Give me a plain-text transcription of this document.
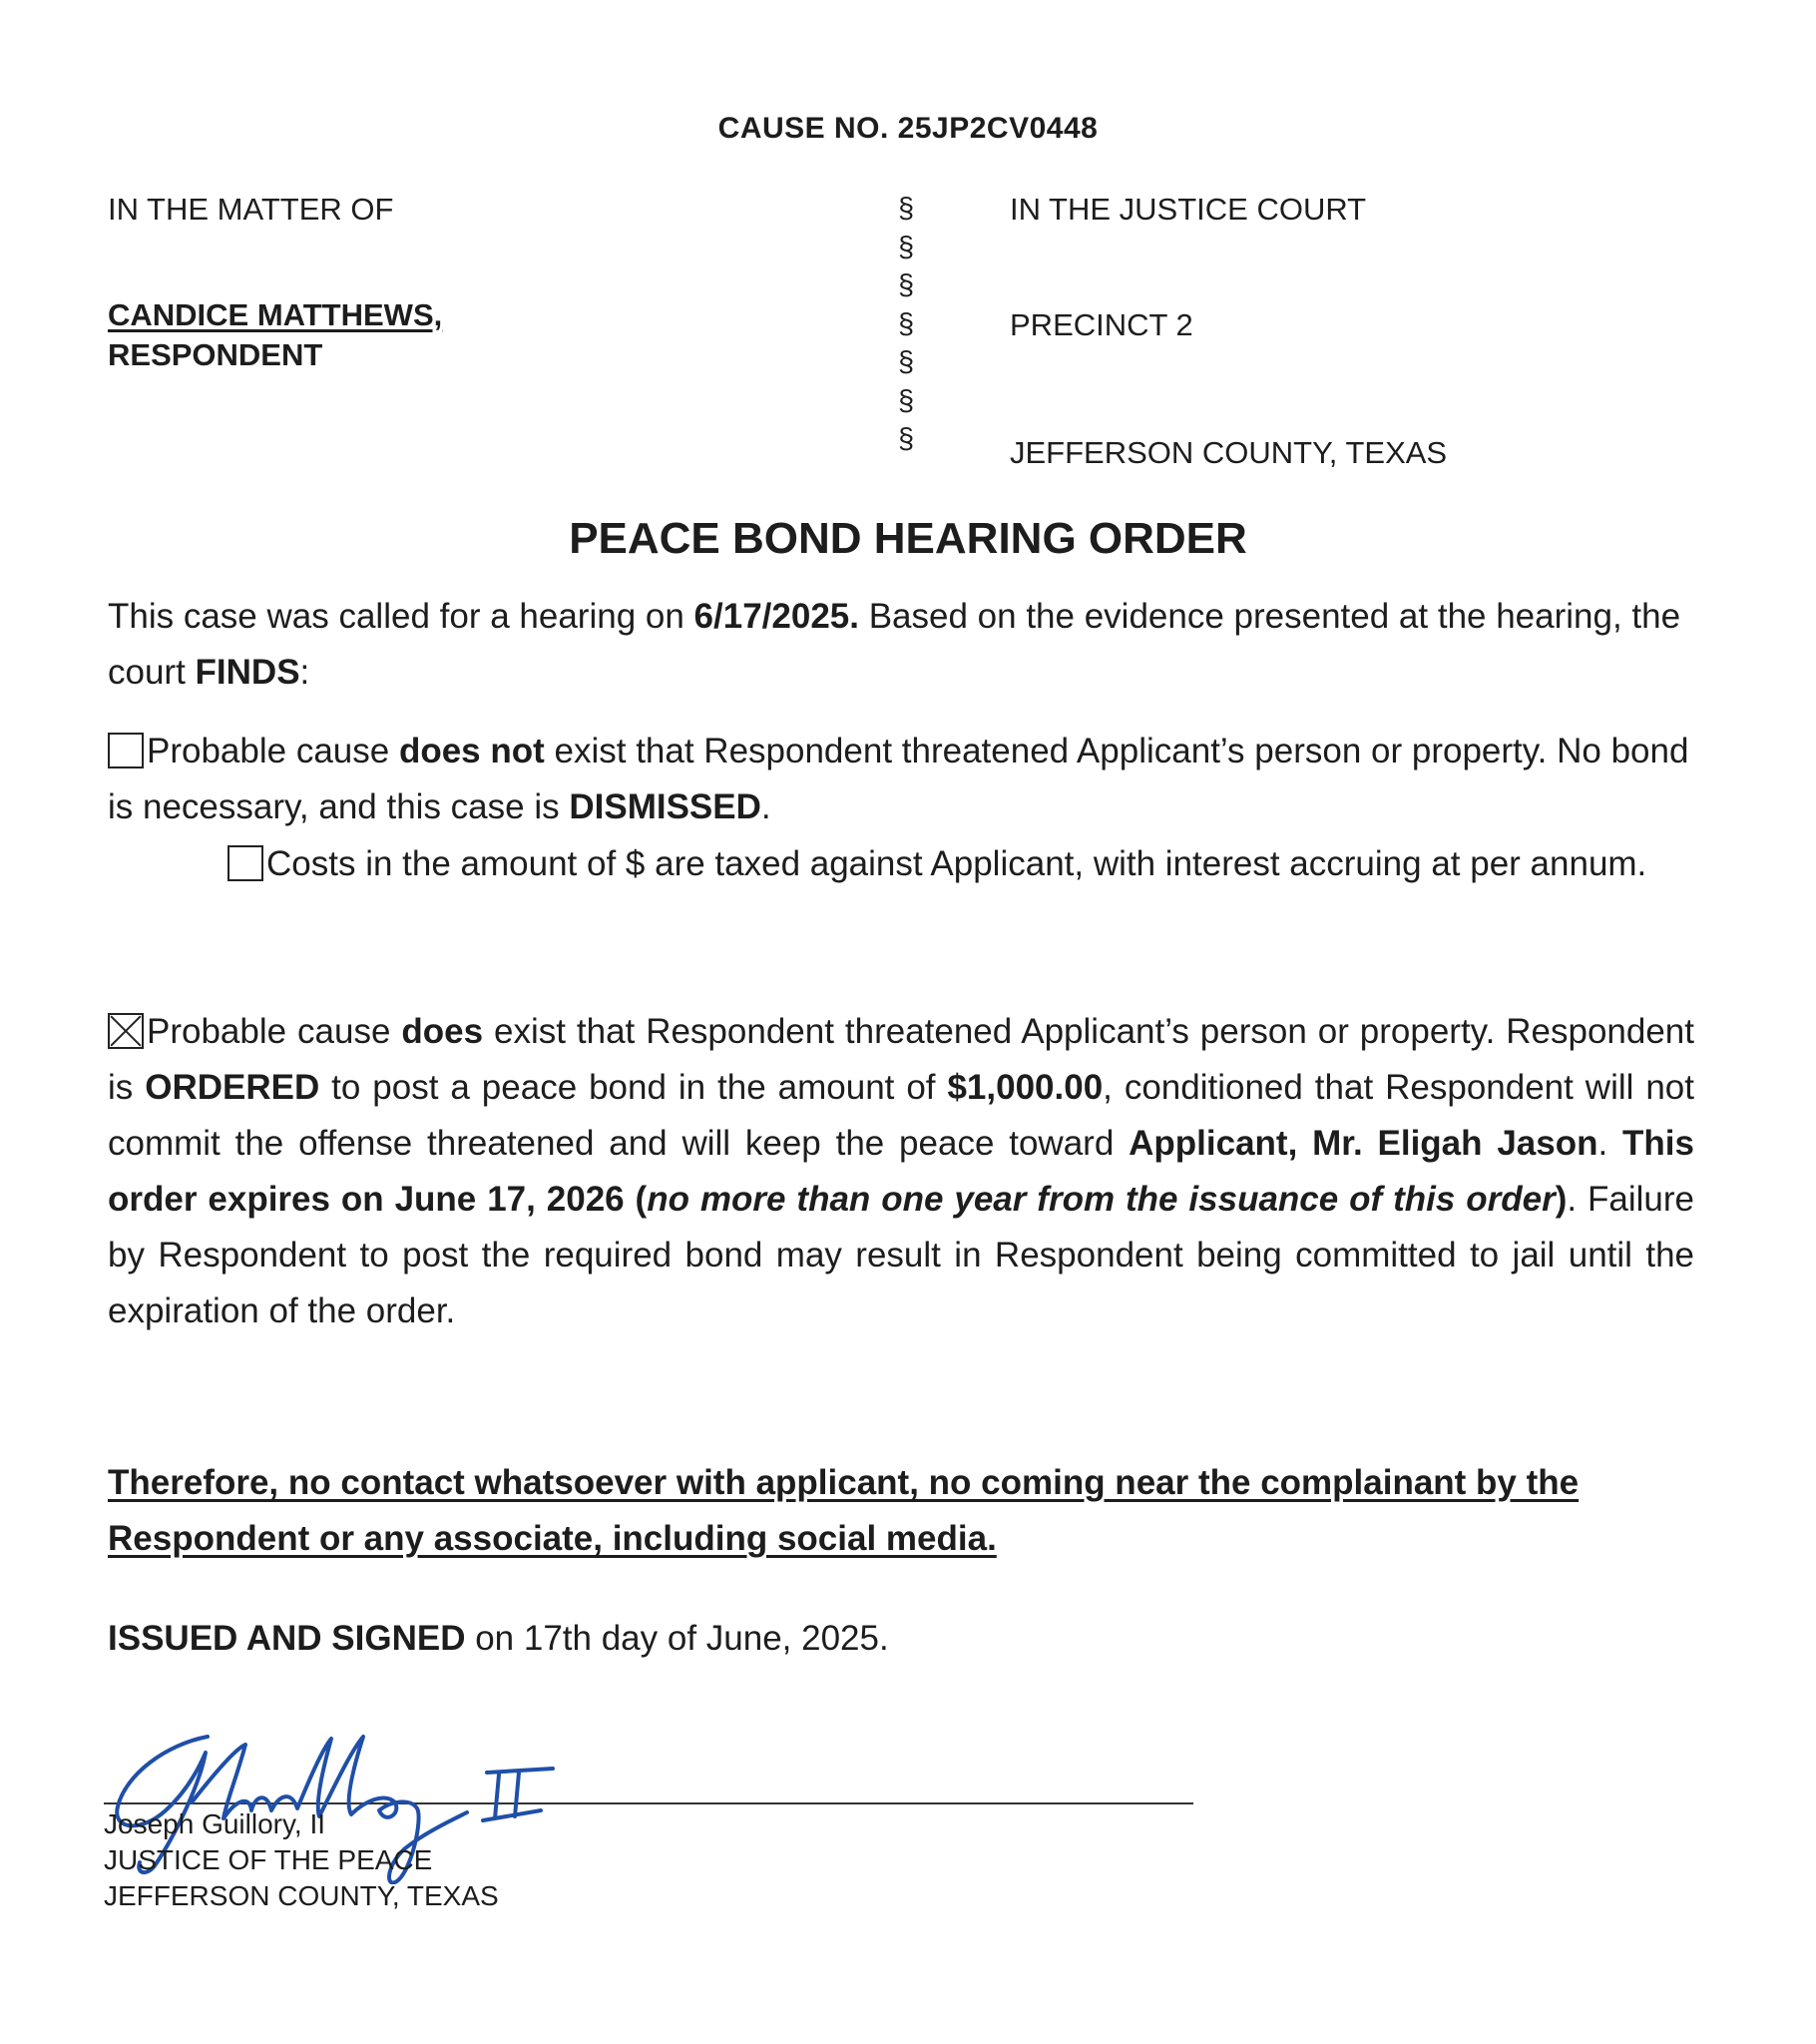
CAUSE NO. 25JP2CV0448
IN THE MATTER OF
CANDICE MATTHEWS,
RESPONDENT
§
§
§
§
§
§
§
IN THE JUSTICE COURT
PRECINCT 2
JEFFERSON COUNTY, TEXAS
PEACE BOND HEARING ORDER
This case was called for a hearing on 6/17/2025. Based on the evidence presented at the hearing, the court FINDS:
Probable cause does not exist that Respondent threatened Applicant’s person or property. No bond is necessary, and this case is DISMISSED.
Costs in the amount of $ are taxed against Applicant, with interest accruing at per annum.
Probable cause does exist that Respondent threatened Applicant’s person or property. Respondent is ORDERED to post a peace bond in the amount of $1,000.00, conditioned that Respondent will not commit the offense threatened and will keep the peace toward Applicant, Mr. Eligah Jason. This order expires on June 17, 2026 (no more than one year from the issuance of this order). Failure by Respondent to post the required bond may result in Respondent being committed to jail until the expiration of the order.
Therefore, no contact whatsoever with applicant, no coming near the complainant by the Respondent or any associate, including social media.
ISSUED AND SIGNED on 17th day of June, 2025.
Joseph Guillory, II
JUSTICE OF THE PEACE
JEFFERSON COUNTY, TEXAS
